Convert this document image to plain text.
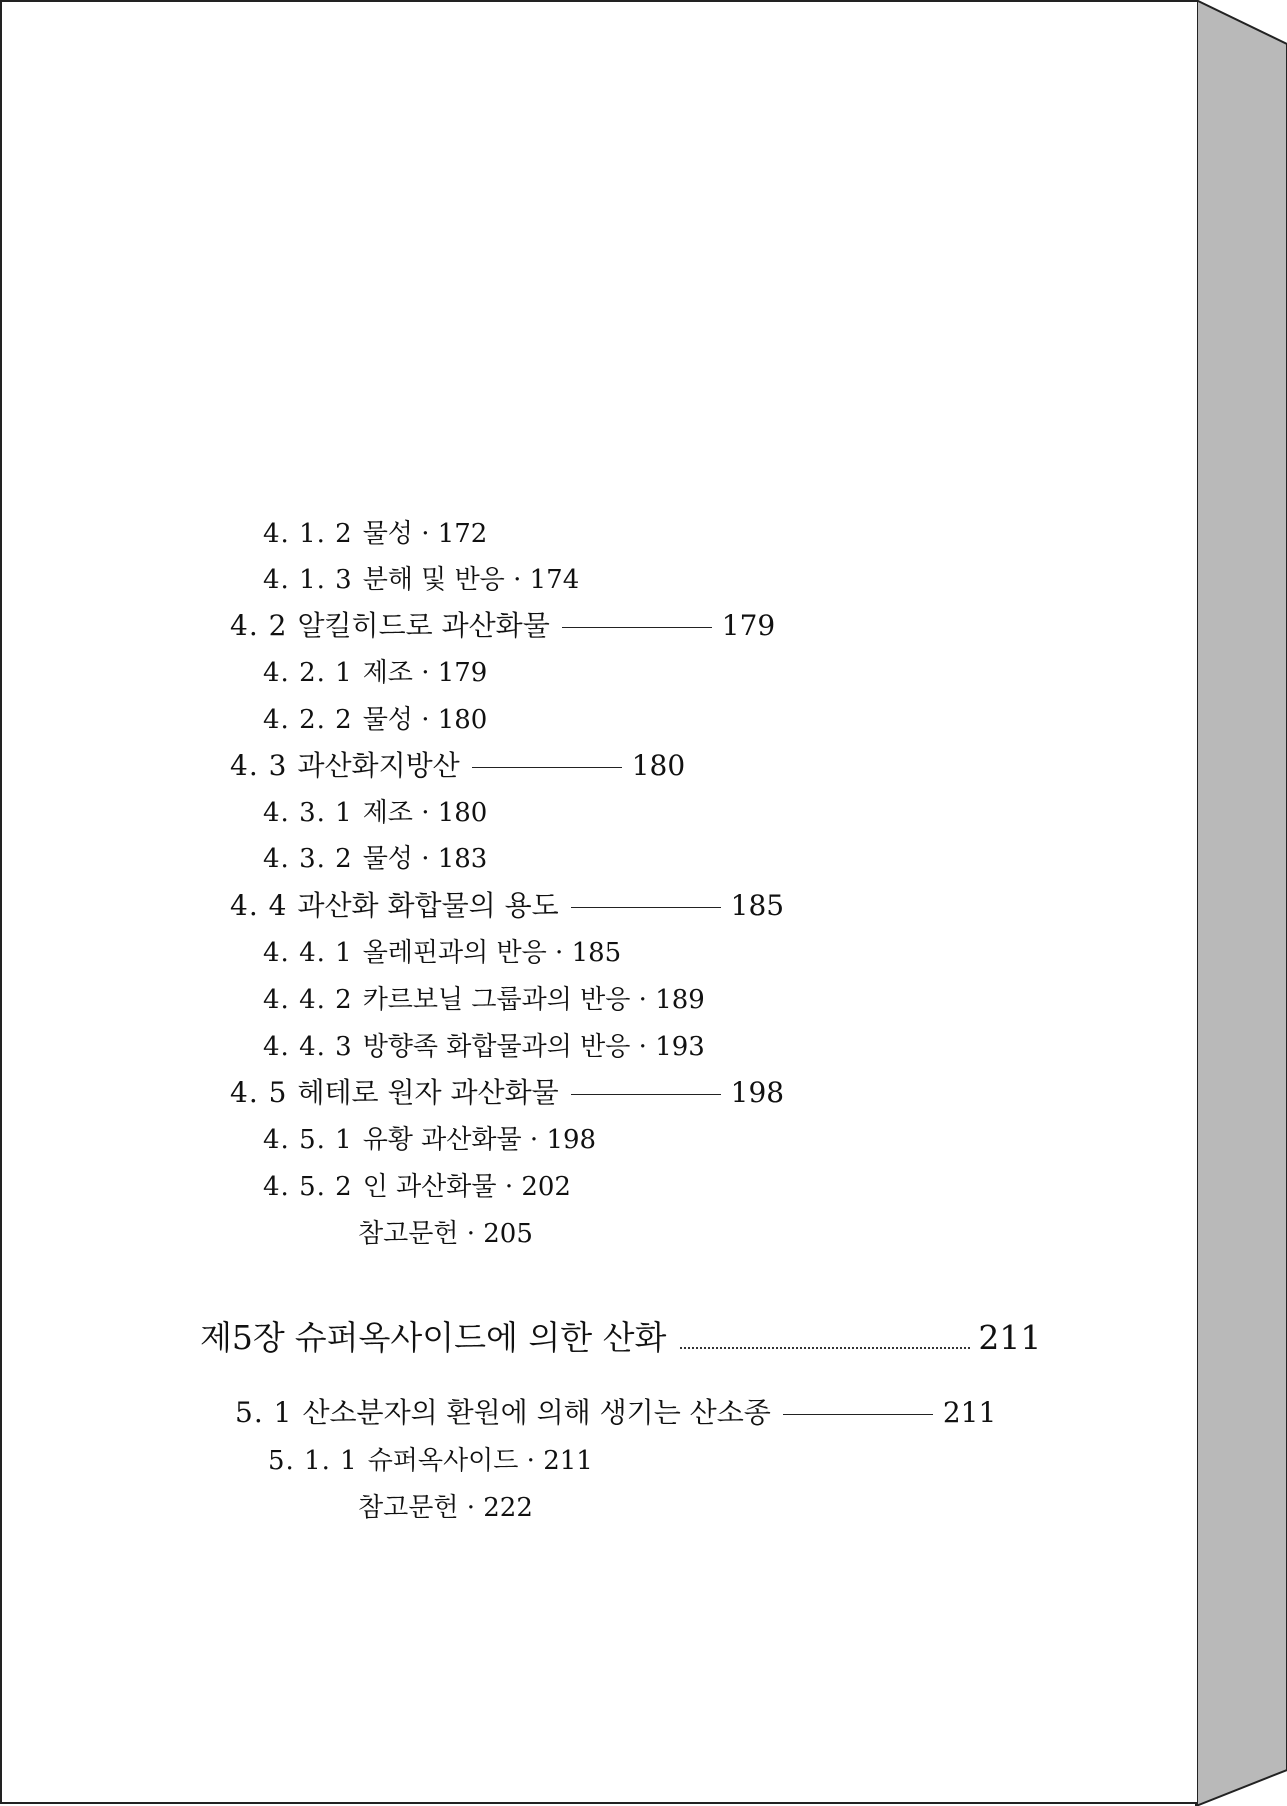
4. 1. 2 물성 · 172
4. 1. 3 분해 및 반응 · 174
4. 2 알킬히드로 과산화물	179
4. 2. 1 제조 · 179
4. 2. 2 물성 · 180
4. 3 과산화지방산	180
4. 3. 1 제조 · 180
4. 3. 2 물성 · 183
4. 4 과산화 화합물의 용도	185
4. 4. 1 올레핀과의 반응 · 185
4. 4. 2 카르보닐 그룹과의 반응 · 189
4. 4. 3 방향족 화합물과의 반응 · 193
4. 5 헤테로 원자 과산화물	198
4. 5. 1 유황 과산화물 · 198
4. 5. 2 인 과산화물 · 202
참고문헌 · 205
제5장 슈퍼옥사이드에 의한 산화	211
5. 1 산소분자의 환원에 의해 생기는 산소종	211
5. 1. 1 슈퍼옥사이드 · 211
참고문헌 · 222
